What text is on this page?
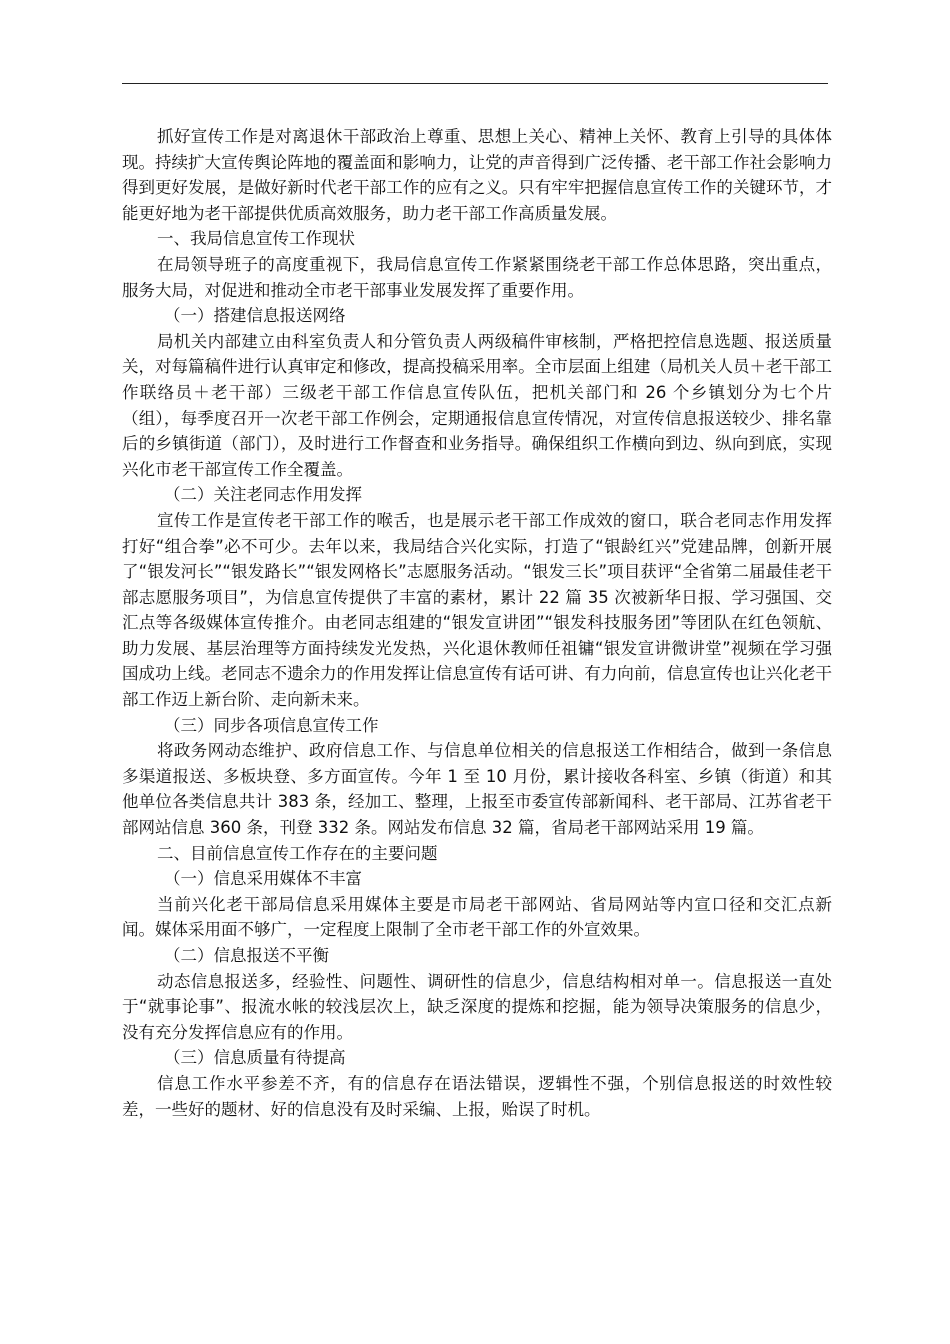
抓好宣传工作是对离退休干部政治上尊重、思想上关心、精神上关怀、教育上引导的具体体现。持续扩大宣传舆论阵地的覆盖面和影响力，让党的声音得到广泛传播、老干部工作社会影响力得到更好发展，是做好新时代老干部工作的应有之义。只有牢牢把握信息宣传工作的关键环节，才能更好地为老干部提供优质高效服务，助力老干部工作高质量发展。

一、我局信息宣传工作现状

在局领导班子的高度重视下，我局信息宣传工作紧紧围绕老干部工作总体思路，突出重点，服务大局，对促进和推动全市老干部事业发展发挥了重要作用。

（一）搭建信息报送网络

局机关内部建立由科室负责人和分管负责人两级稿件审核制，严格把控信息选题、报送质量关，对每篇稿件进行认真审定和修改，提高投稿采用率。全市层面上组建（局机关人员＋老干部工作联络员＋老干部）三级老干部工作信息宣传队伍，把机关部门和 26 个乡镇划分为七个片（组），每季度召开一次老干部工作例会，定期通报信息宣传情况，对宣传信息报送较少、排名靠后的乡镇街道（部门），及时进行工作督查和业务指导。确保组织工作横向到边、纵向到底，实现兴化市老干部宣传工作全覆盖。

（二）关注老同志作用发挥

宣传工作是宣传老干部工作的喉舌，也是展示老干部工作成效的窗口，联合老同志作用发挥打好“组合拳”必不可少。去年以来，我局结合兴化实际，打造了“银龄红兴”党建品牌，创新开展了“银发河长”“银发路长”“银发网格长”志愿服务活动。“银发三长”项目获评“全省第二届最佳老干部志愿服务项目”，为信息宣传提供了丰富的素材，累计 22 篇 35 次被新华日报、学习强国、交汇点等各级媒体宣传推介。由老同志组建的“银发宣讲团”“银发科技服务团”等团队在红色领航、助力发展、基层治理等方面持续发光发热，兴化退休教师任祖镛“银发宣讲微讲堂”视频在学习强国成功上线。老同志不遗余力的作用发挥让信息宣传有话可讲、有力向前，信息宣传也让兴化老干部工作迈上新台阶、走向新未来。

（三）同步各项信息宣传工作

将政务网动态维护、政府信息工作、与信息单位相关的信息报送工作相结合，做到一条信息多渠道报送、多板块登、多方面宣传。今年 1 至 10 月份，累计接收各科室、乡镇（街道）和其他单位各类信息共计 383 条，经加工、整理，上报至市委宣传部新闻科、老干部局、江苏省老干部网站信息 360 条，刊登 332 条。网站发布信息 32 篇，省局老干部网站采用 19 篇。

二、目前信息宣传工作存在的主要问题

（一）信息采用媒体不丰富

当前兴化老干部局信息采用媒体主要是市局老干部网站、省局网站等内宣口径和交汇点新闻。媒体采用面不够广，一定程度上限制了全市老干部工作的外宣效果。

（二）信息报送不平衡

动态信息报送多，经验性、问题性、调研性的信息少，信息结构相对单一。信息报送一直处于“就事论事”、报流水帐的较浅层次上，缺乏深度的提炼和挖掘，能为领导决策服务的信息少，没有充分发挥信息应有的作用。

（三）信息质量有待提高

信息工作水平参差不齐，有的信息存在语法错误，逻辑性不强，个别信息报送的时效性较差，一些好的题材、好的信息没有及时采编、上报，贻误了时机。
